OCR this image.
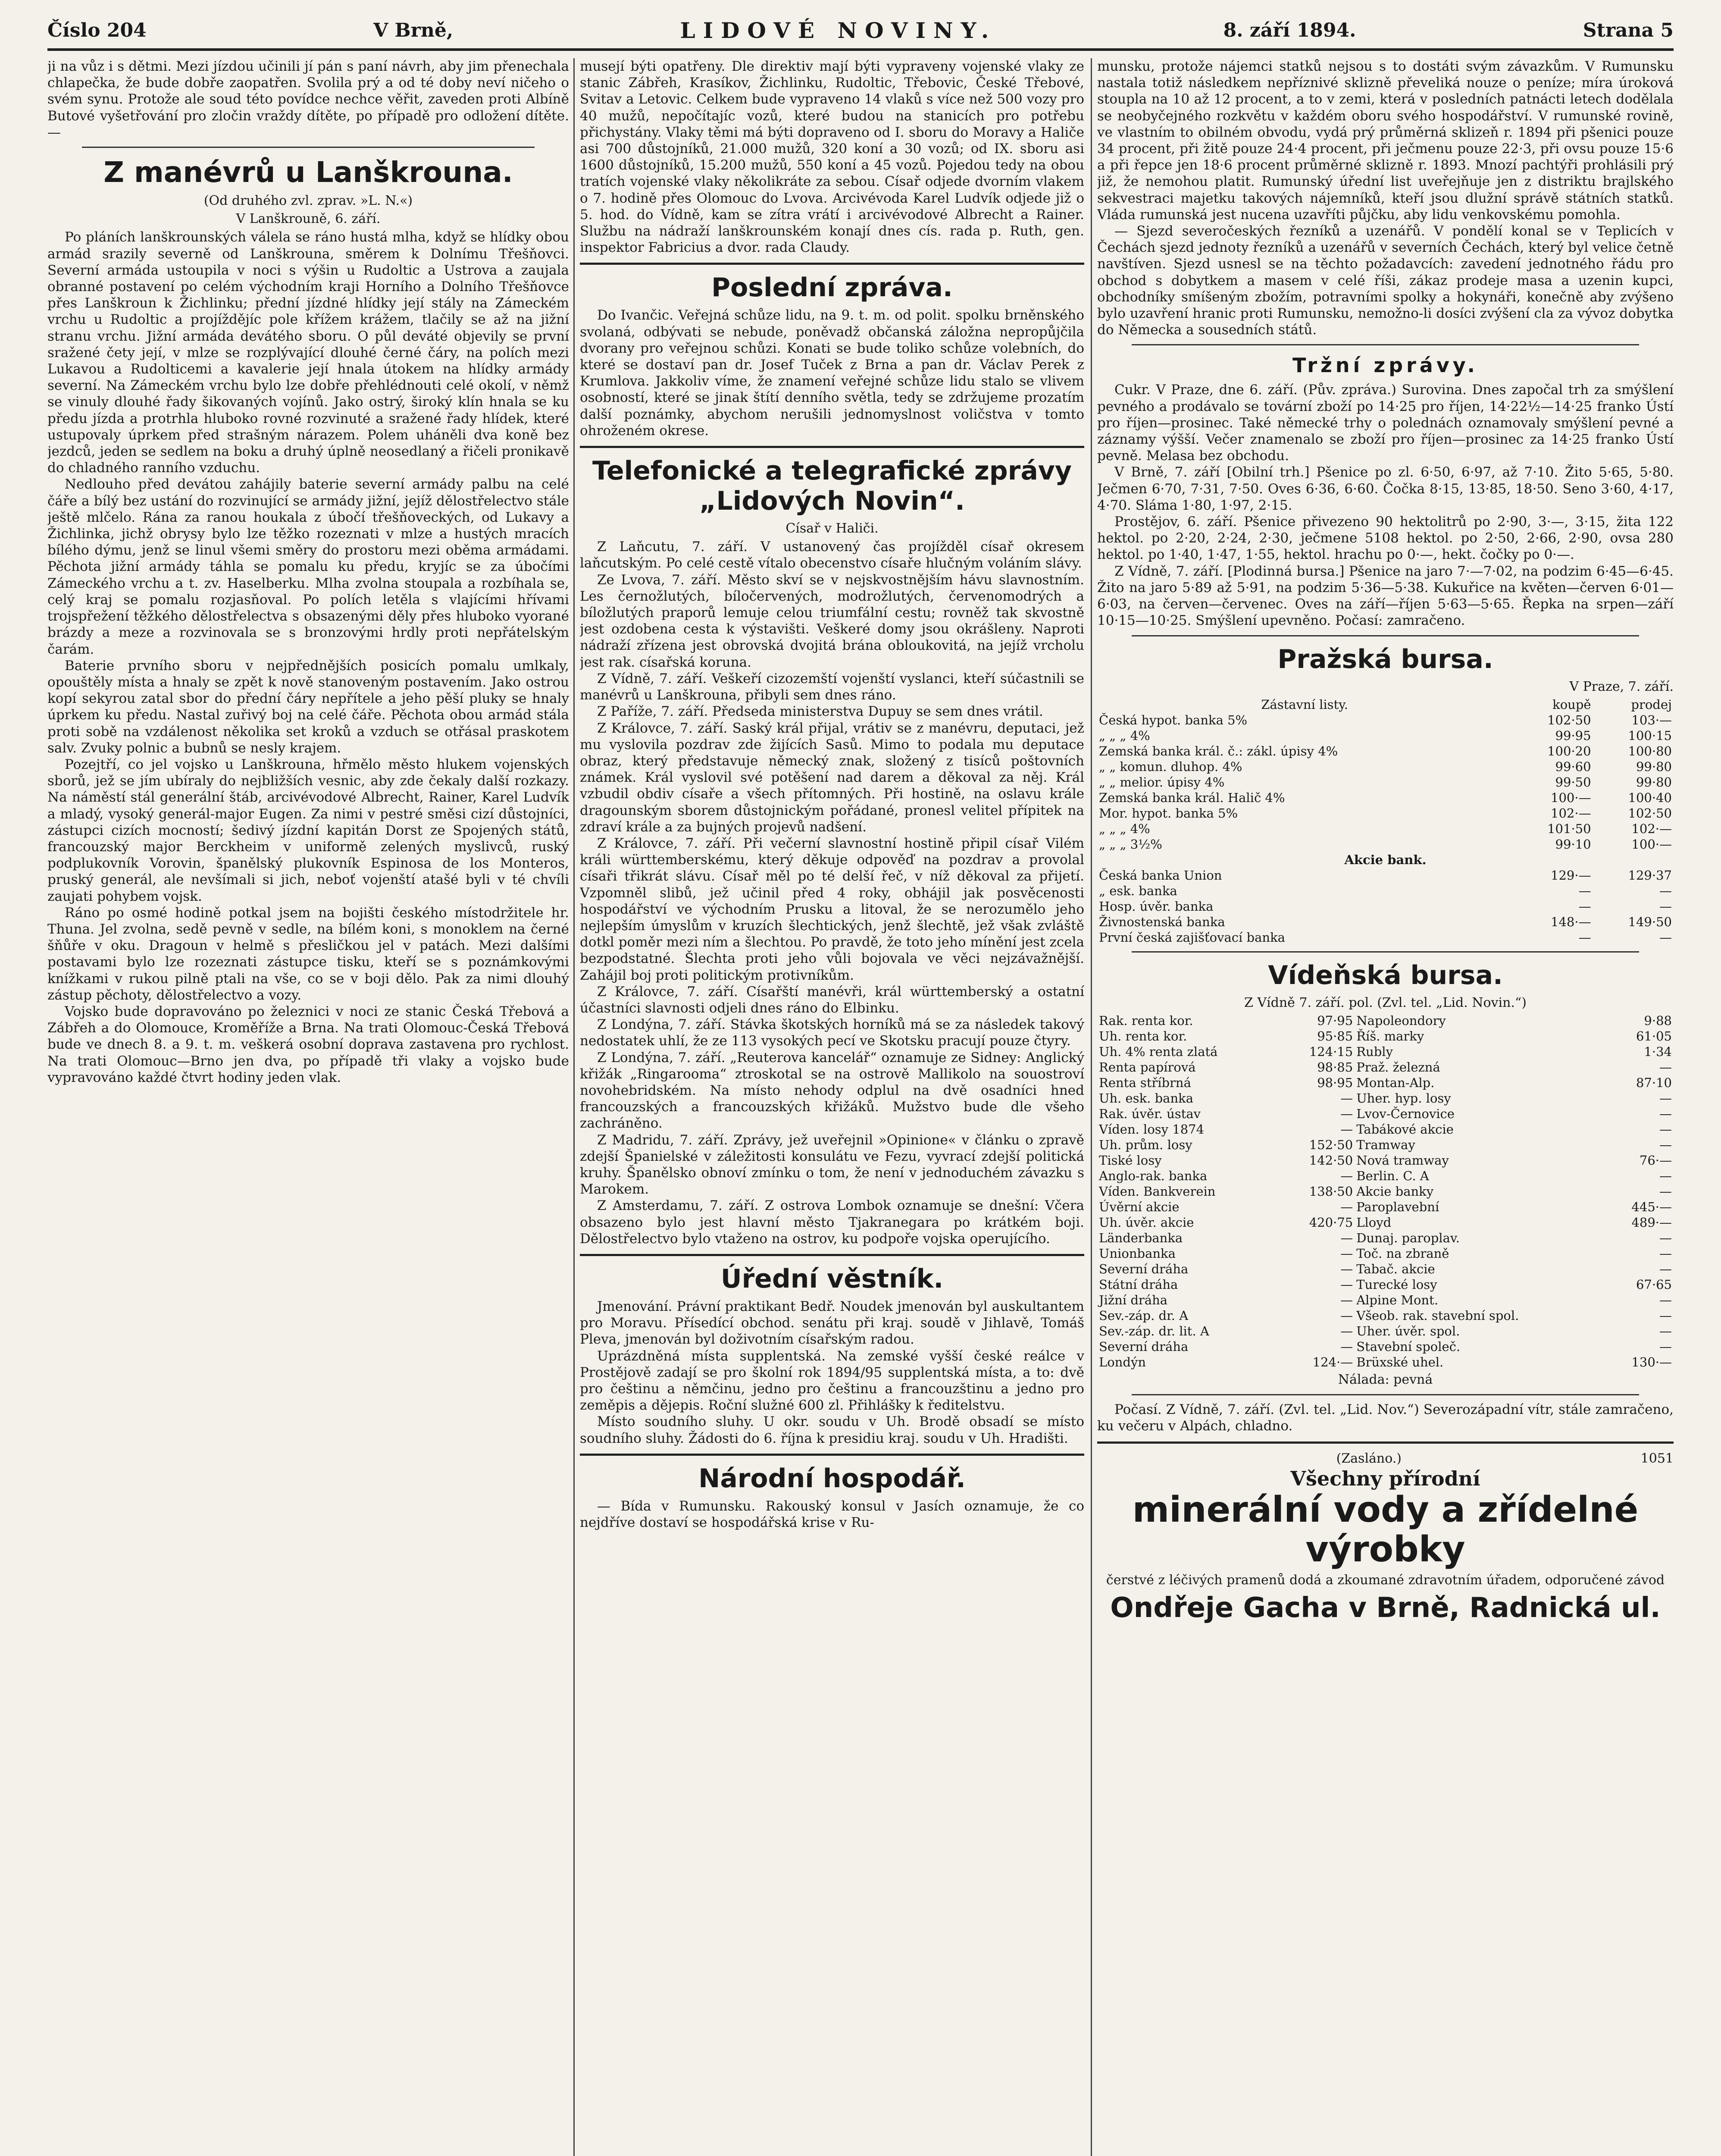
Číslo 204	V Brně,	LIDOVÉ NOVINY.	8. září 1894.	Strana 5

ji na vůz i s dětmi. Mezi jízdou učinili jí pán s paní návrh, aby jim přenechala chlapečka, že bude dobře zaopatřen. Svolila prý a od té doby neví ničeho o svém synu. Protože ale soud této povídce nechce věřit, zaveden proti Albíně Butové vyšetřování pro zločin vraždy dítěte, po případě pro odložení dítěte. —

Z manévrů u Lanškrouna.
(Od druhého zvl. zprav. »L. N.«)
V Lanškrouně, 6. září.

Po pláních lanškrounských válela se ráno hustá mlha, když se hlídky obou armád srazily severně od Lanškrouna, směrem k Dolnímu Třešňovci. Severní armáda ustoupila v noci s výšin u Rudoltic a Ustrova a zaujala obranné postavení po celém východním kraji Horního a Dolního Třešňovce přes Lanškroun k Žichlinku; přední jízdné hlídky její stály na Zámeckém vrchu u Rudoltic a projíždějíc pole křížem krážem, tlačily se až na jižní stranu vrchu. Jižní armáda devátého sboru. O půl deváté objevily se první sražené čety její, v mlze se rozplývající dlouhé černé čáry, na polích mezi Lukavou a Rudolticemi a kavalerie její hnala útokem na hlídky armády severní. Na Zámeckém vrchu bylo lze dobře přehlédnouti celé okolí, v němž se vinuly dlouhé řady šikovaných vojínů. Jako ostrý, široký klín hnala se ku předu jízda a protrhla hluboko rovné rozvinuté a sražené řady hlídek, které ustupovaly úprkem před strašným nárazem. Polem uháněli dva koně bez jezdců, jeden se sedlem na boku a druhý úplně neosedlaný a řičeli pronikavě do chladného ranního vzduchu.

Nedlouho před devátou zahájily baterie severní armády palbu na celé čáře a bílý bez ustání do rozvinující se armády jižní, jejíž dělostřelectvo stále ještě mlčelo. Rána za ranou houkala z úbočí třešňoveckých, od Lukavy a Žichlinka, jichž obrysy bylo lze těžko rozeznati v mlze a hustých mracích bílého dýmu, jenž se linul všemi směry do prostoru mezi oběma armádami. Pěchota jižní armády táhla se pomalu ku předu, kryjíc se za úbočími Zámeckého vrchu a t. zv. Haselberku. Mlha zvolna stoupala a rozbíhala se, celý kraj se pomalu rozjasňoval. Po polích letěla s vlajícími hřívami trojspřežení těžkého dělostřelectva s obsazenými děly přes hluboko vyorané brázdy a meze a rozvinovala se s bronzovými hrdly proti nepřátelským čarám.

Baterie prvního sboru v nejpřednějších posicích pomalu umlkaly, opouštěly místa a hnaly se zpět k nově stanoveným postavením. Jako ostrou kopí sekyrou zatal sbor do přední čáry nepřítele a jeho pěší pluky se hnaly úprkem ku předu. Nastal zuřivý boj na celé čáře. Pěchota obou armád stála proti sobě na vzdálenost několika set kroků a vzduch se otřásal praskotem salv. Zvuky polnic a bubnů se nesly krajem.

Pozejtří, co jel vojsko u Lanškrouna, hřmělo město hlukem vojenských sborů, jež se jím ubíraly do nejbližších vesnic, aby zde čekaly další rozkazy. Na náměstí stál generální štáb, arcivévodové Albrecht, Rainer, Karel Ludvík a mladý, vysoký generál-major Eugen. Za nimi v pestré směsi cizí důstojníci, zástupci cizích mocností; šedivý jízdní kapitán Dorst ze Spojených států, francouzský major Berckheim v uniformě zelených myslivců, ruský podplukovník Vorovin, španělský plukovník Espinosa de los Monteros, pruský generál, ale nevšímali si jich, neboť vojenští atašé byli v té chvíli zaujati pohybem vojsk.

Ráno po osmé hodině potkal jsem na bojišti českého místodržitele hr. Thuna. Jel zvolna, sedě pevně v sedle, na bílém koni, s monoklem na černé šňůře v oku. Dragoun v helmě s přesličkou jel v patách. Mezi dalšími postavami bylo lze rozeznati zástupce tisku, kteří se s poznámkovými knížkami v rukou pilně ptali na vše, co se v boji dělo. Pak za nimi dlouhý zástup pěchoty, dělostřelectvo a vozy.

Vojsko bude dopravováno po železnici v noci ze stanic Česká Třebová a Zábřeh a do Olomouce, Kroměříže a Brna. Na trati Olomouc-Česká Třebová bude ve dnech 8. a 9. t. m. veškerá osobní doprava zastavena pro rychlost. Na trati Olomouc—Brno jen dva, po případě tři vlaky a vojsko bude vypravováno každé čtvrt hodiny jeden vlak.

musejí býti opatřeny. Dle direktiv mají býti vypraveny vojenské vlaky ze stanic Zábřeh, Krasíkov, Žichlinku, Rudoltic, Třebovic, České Třebové, Svitav a Letovic. Celkem bude vypraveno 14 vlaků s více než 500 vozy pro 40 mužů, nepočítajíc vozů, které budou na stanicích pro potřebu přichystány. Vlaky těmi má býti dopraveno od I. sboru do Moravy a Haliče asi 700 důstojníků, 21.000 mužů, 320 koní a 30 vozů; od IX. sboru asi 1600 důstojníků, 15.200 mužů, 550 koní a 45 vozů. Pojedou tedy na obou tratích vojenské vlaky několikráte za sebou. Císař odjede dvorním vlakem o 7. hodině přes Olomouc do Lvova. Arcivévoda Karel Ludvík odjede již o 5. hod. do Vídně, kam se zítra vrátí i arcivévodové Albrecht a Rainer. Službu na nádraží lanškrounském konají dnes cís. rada p. Ruth, gen. inspektor Fabricius a dvor. rada Claudy.

Poslední zpráva.

Do Ivančic. Veřejná schůze lidu, na 9. t. m. od polit. spolku brněnského svolaná, odbývati se nebude, poněvadž občanská záložna nepropůjčila dvorany pro veřejnou schůzi. Konati se bude toliko schůze volebních, do které se dostaví pan dr. Josef Tuček z Brna a pan dr. Václav Perek z Krumlova. Jakkoliv víme, že znamení veřejné schůze lidu stalo se vlivem osobností, které se jinak štítí denního světla, tedy se zdržujeme prozatím další poznámky, abychom nerušili jednomyslnost voličstva v tomto ohroženém okrese.

Telefonické a telegrafické zprávy „Lidových Novin“.
Císař v Haliči.

Z Laňcutu, 7. září. V ustanovený čas projížděl císař okresem laňcutským. Po celé cestě vítalo obecenstvo císaře hlučným voláním slávy.

Ze Lvova, 7. září. Město skví se v nejskvostnějším hávu slavnostním. Les černožlutých, bíločervených, modrožlutých, červenomodrých a bíložlutých praporů lemuje celou triumfální cestu; rovněž tak skvostně jest ozdobena cesta k výstavišti. Veškeré domy jsou okrášleny. Naproti nádraží zřízena jest obrovská dvojitá brána obloukovitá, na jejíž vrcholu jest rak. císařská koruna.

Z Vídně, 7. září. Veškeří cizozemští vojenští vyslanci, kteří súčastnili se manévrů u Lanškrouna, přibyli sem dnes ráno.

Z Paříže, 7. září. Předseda ministerstva Dupuy se sem dnes vrátil.

Z Královce, 7. září. Saský král přijal, vrátiv se z manévru, deputaci, jež mu vyslovila pozdrav zde žijících Sasů. Mimo to podala mu deputace obraz, který představuje německý znak, složený z tisíců poštovních známek. Král vyslovil své potěšení nad darem a děkoval za něj. Král vzbudil obdiv císaře a všech přítomných. Při hostině, na oslavu krále dragounským sborem důstojnickým pořádané, pronesl velitel přípitek na zdraví krále a za bujných projevů nadšení.

Z Královce, 7. září. Při večerní slavnostní hostině připil císař Vilém králi württemberskému, který děkuje odpověď na pozdrav a provolal císaři třikrát slávu. Císař měl po té delší řeč, v níž děkoval za přijetí. Vzpomněl slibů, jež učinil před 4 roky, obhájil jak posvěcenosti hospodářství ve východním Prusku a litoval, že se nerozumělo jeho nejlepším úmyslům v kruzích šlechtických, jenž šlechtě, jež však zvláště dotkl poměr mezi ním a šlechtou. Po pravdě, že toto jeho mínění jest zcela bezpodstatné. Šlechta proti jeho vůli bojovala ve věci nejzávažnější. Zahájil boj proti politickým protivníkům.

Z Královce, 7. září. Císařští manévři, král württemberský a ostatní účastníci slavnosti odjeli dnes ráno do Elbinku.

Z Londýna, 7. září. Stávka škotských horníků má se za následek takový nedostatek uhlí, že ze 113 vysokých pecí ve Skotsku pracují pouze čtyry.

Z Londýna, 7. září. „Reuterova kancelář“ oznamuje ze Sidney: Anglický křižák „Ringarooma“ ztroskotal se na ostrově Mallikolo na souostroví novohebridském. Na místo nehody odplul na dvě osadníci hned francouzských a francouzských křižáků. Mužstvo bude dle všeho zachráněno.

Z Madridu, 7. září. Zprávy, jež uveřejnil »Opinione« v článku o zpravě zdejší Španielské v záležitosti konsulátu ve Fezu, vyvrací zdejší politická kruhy. Španělsko obnoví zmínku o tom, že není v jednoduchém závazku s Marokem.

Z Amsterdamu, 7. září. Z ostrova Lombok oznamuje se dnešní: Včera obsazeno bylo jest hlavní město Tjakranegara po krátkém boji. Dělostřelectvo bylo vtaženo na ostrov, ku podpoře vojska operujícího.

Úřední věstník.

Jmenování. Právní praktikant Bedř. Noudek jmenován byl auskultantem pro Moravu. Přísedící obchod. senátu při kraj. soudě v Jihlavě, Tomáš Pleva, jmenován byl doživotním císařským radou.

Uprázdněná místa supplentská. Na zemské vyšší české reálce v Prostějově zadají se pro školní rok 1894/95 supplentská místa, a to: dvě pro češtinu a němčinu, jedno pro češtinu a francouzštinu a jedno pro zeměpis a dějepis. Roční služné 600 zl. Přihlášky k ředitelstvu.

Místo soudního sluhy. U okr. soudu v Uh. Brodě obsadí se místo soudního sluhy. Žádosti do 6. října k presidiu kraj. soudu v Uh. Hradišti.

Národní hospodář.

— Bída v Rumunsku. Rakouský konsul v Jasích oznamuje, že co nejdříve dostaví se hospodářská krise v Ru-

munsku, protože nájemci statků nejsou s to dostáti svým závazkům. V Rumunsku nastala totiž následkem nepříznivé sklizně převeliká nouze o peníze; míra úroková stoupla na 10 až 12 procent, a to v zemi, která v posledních patnácti letech dodělala se neobyčejného rozkvětu v každém oboru svého hospodářství. V rumunské rovině, ve vlastním to obilném obvodu, vydá prý průměrná sklizeň r. 1894 při pšenici pouze 34 procent, při žitě pouze 24·4 procent, při ječmenu pouze 22·3, při ovsu pouze 15·6 a při řepce jen 18·6 procent průměrné sklizně r. 1893. Mnozí pachtýři prohlásili prý již, že nemohou platit. Rumunský úřední list uveřejňuje jen z distriktu brajlského sekvestraci majetku takových nájemníků, kteří jsou dlužní správě státních statků. Vláda rumunská jest nucena uzavříti půjčku, aby lidu venkovskému pomohla.

— Sjezd severočeských řezníků a uzenářů. V pondělí konal se v Teplicích v Čechách sjezd jednoty řezníků a uzenářů v severních Čechách, který byl velice četně navštíven. Sjezd usnesl se na těchto požadavcích: zavedení jednotného řádu pro obchod s dobytkem a masem v celé říši, zákaz prodeje masa a uzenin kupci, obchodníky smíšeným zbožím, potravními spolky a hokynáři, konečně aby zvýšeno bylo uzavření hranic proti Rumunsku, nemožno-li dosíci zvýšení cla za vývoz dobytka do Německa a sousedních států.

Tržní zprávy.

Cukr. V Praze, dne 6. září. (Pův. zpráva.) Surovina. Dnes započal trh za smýšlení pevného a prodávalo se tovární zboží po 14·25 pro říjen, 14·22½—14·25 franko Ústí pro říjen—prosinec. Také německé trhy o polednách oznamovaly smýšlení pevné a záznamy výšší. Večer znamenalo se zboží pro říjen—prosinec za 14·25 franko Ústí pevně. Melasa bez obchodu.

V Brně, 7. září [Obilní trh.] Pšenice po zl. 6·50, 6·97, až 7·10. Žito 5·65, 5·80. Ječmen 6·70, 7·31, 7·50. Oves 6·36, 6·60. Čočka 8·15, 13·85, 18·50. Seno 3·60, 4·17, 4·70. Sláma 1·80, 1·97, 2·15.

Prostějov, 6. září. Pšenice přivezeno 90 hektolitrů po 2·90, 3·—, 3·15, žita 122 hektol. po 2·20, 2·24, 2·30, ječmene 5108 hektol. po 2·50, 2·66, 2·90, ovsa 280 hektol. po 1·40, 1·47, 1·55, hektol. hrachu po 0·—, hekt. čočky po 0·—.

Z Vídně, 7. září. [Plodinná bursa.] Pšenice na jaro 7·—7·02, na podzim 6·45—6·45. Žito na jaro 5·89 až 5·91, na podzim 5·36—5·38. Kukuřice na květen—červen 6·01—6·03, na červen—červenec. Oves na září—říjen 5·63—5·65. Řepka na srpen—září 10·15—10·25. Smýšlení upevněno. Počasí: zamračeno.

Pražská bursa.
V Praze, 7. září.
Zástavní listy.	koupě	prodej
Česká hypot. banka 5%	102·50	103·—
„ „ „ 4%	99·95	100·15
Zemská banka král. č.: zákl. úpisy 4%	100·20	100·80
„ „ komun. dluhop. 4%	99·60	99·80
„ „ melior. úpisy 4%	99·50	99·80
Zemská banka král. Halič 4%	100·—	100·40
Mor. hypot. banka 5%	102·—	102·50
„ „ „ 4%	101·50	102·—
„ „ „ 3½%	99·10	100·—
Akcie bank.		
Česká banka Union	129·—	129·37
„ esk. banka	—	—
Hosp. úvěr. banka	—	—
Živnostenská banka	148·—	149·50
První česká zajišťovací banka	—	—
Vídeňská bursa.
Z Vídně 7. září. pol. (Zvl. tel. „Lid. Novin.“)
Rak. renta kor.	97·95	Napoleondory	9·88
Uh. renta kor.	95·85	Říš. marky	61·05
Uh. 4% renta zlatá	124·15	Rubly	1·34
Renta papírová	98·85	Praž. železná	—
Renta stříbrná	98·95	Montan-Alp.	87·10
Uh. esk. banka	—	Uher. hyp. losy	—
Rak. úvěr. ústav	—	Lvov-Černovice	—
Víden. losy 1874	—	Tabákové akcie	—
Uh. prům. losy	152·50	Tramway	—
Tiské losy	142·50	Nová tramway	76·—
Anglo-rak. banka	—	Berlin. C. A	—
Víden. Bankverein	138·50	Akcie banky	—
Úvěrní akcie	—	Paroplavební	445·—
Uh. úvěr. akcie	420·75	Lloyd	489·—
Länderbanka	—	Dunaj. paroplav.	—
Unionbanka	—	Toč. na zbraně	—
Severní dráha	—	Tabač. akcie	—
Státní dráha	—	Turecké losy	67·65
Jižní dráha	—	Alpine Mont.	—
Sev.-záp. dr. A	—	Všeob. rak. stavební spol.	—
Sev.-záp. dr. lit. A	—	Uher. úvěr. spol.	—
Severní dráha	—	Stavební společ.	—
Londýn	124·—	Brüxské uhel.	130·—
Nálada: pevná

Počasí. Z Vídně, 7. září. (Zvl. tel. „Lid. Nov.“) Severozápadní vítr, stále zamračeno, ku večeru v Alpách, chladno.

(Zasláno.)	1051
Všechny přírodní
minerální vody a zřídelné výrobky
čerstvé z léčivých pramenů dodá a zkoumané zdravotním úřadem, odporučené závod
Ondřeje Gacha v Brně, Radnická ul.
